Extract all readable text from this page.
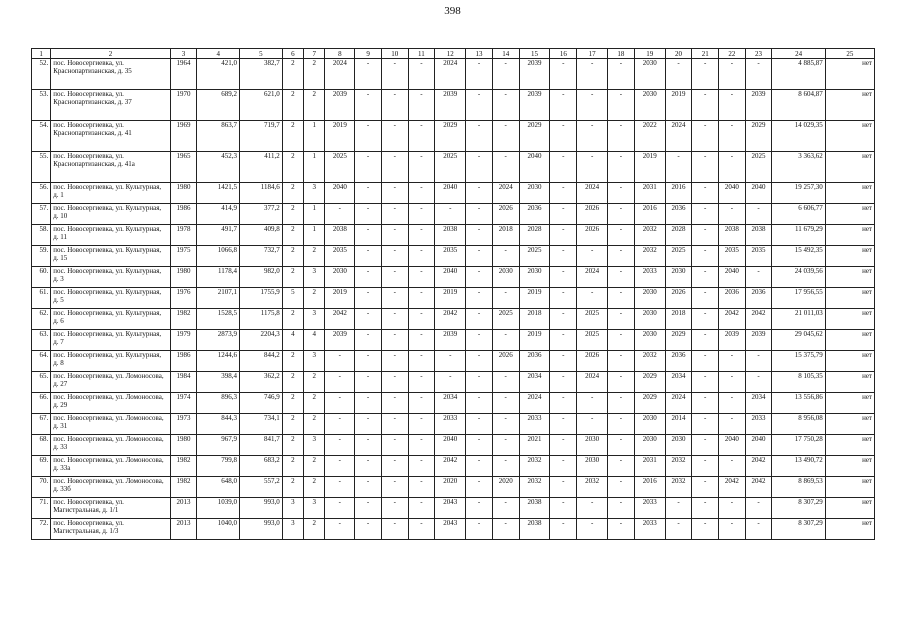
398
1	2	3	4	5	6	7	8	9	10	11	12	13	14	15	16	17	18	19	20	21	22	23	24	25
52.	пос. Новосергиевка, ул. Краснопартизанская, д. 35	1964	421,0	382,7	2	2	2024	-	-	-	2024	-	-	2039	-	-	-	2030	-	-	-	-	4 885,87	нет
53.	пос. Новосергиевка, ул. Краснопартизанская, д. 37	1970	689,2	621,0	2	2	2039	-	-	-	2039	-	-	2039	-	-	-	2030	2019	-	-	2039	8 604,87	нет
54.	пос. Новосергиевка, ул. Краснопартизанская, д. 41	1969	863,7	719,7	2	1	2019	-	-	-	2029	-	-	2029	-	-	-	2022	2024	-	-	2029	14 029,35	нет
55.	пос. Новосергиевка, ул. Краснопартизанская, д. 41а	1965	452,3	411,2	2	1	2025	-	-	-	2025	-	-	2040	-	-	-	2019	-	-	-	2025	3 363,62	нет
56.	пос. Новосергиевка, ул. Культурная, д. 1	1980	1421,5	1184,6	2	3	2040	-	-	-	2040	-	2024	2030	-	2024	-	2031	2016	-	2040	2040	19 257,30	нет
57.	пос. Новосергиевка, ул. Культурная, д. 10	1986	414,9	377,2	2	1	-	-	-	-	-	-	2026	2036	-	2026	-	2016	2036	-	-	-	6 606,77	нет
58.	пос. Новосергиевка, ул. Культурная, д. 11	1978	491,7	409,8	2	1	2038	-	-	-	2038	-	2018	2028	-	2026	-	2032	2028	-	2038	2038	11 679,29	нет
59.	пос. Новосергиевка, ул. Культурная, д. 15	1975	1066,8	732,7	2	2	2035	-	-	-	2035	-	-	2025	-	-	-	2032	2025	-	2035	2035	15 492,35	нет
60.	пос. Новосергиевка, ул. Культурная, д. 3	1980	1178,4	982,0	2	3	2030	-	-	-	2040	-	2030	2030	-	2024	-	2033	2030	-	2040	-	24 039,56	нет
61.	пос. Новосергиевка, ул. Культурная, д. 5	1976	2107,1	1755,9	5	2	2019	-	-	-	2019	-	-	2019	-	-	-	2030	2026	-	2036	2036	17 956,55	нет
62.	пос. Новосергиевка, ул. Культурная, д. 6	1982	1528,5	1175,8	2	3	2042	-	-	-	2042	-	2025	2018	-	2025	-	2030	2018	-	2042	2042	21 011,03	нет
63.	пос. Новосергиевка, ул. Культурная, д. 7	1979	2873,9	2204,3	4	4	2039	-	-	-	2039	-	-	2019	-	2025	-	2030	2029	-	2039	2039	29 045,62	нет
64.	пос. Новосергиевка, ул. Культурная, д. 8	1986	1244,6	844,2	2	3	-	-	-	-	-	-	2026	2036	-	2026	-	2032	2036	-	-	-	15 375,79	нет
65.	пос. Новосергиевка, ул. Ломоносова, д. 27	1984	398,4	362,2	2	2	-	-	-	-	-	-	-	2034	-	2024	-	2029	2034	-	-	-	8 105,35	нет
66.	пос. Новосергиевка, ул. Ломоносова, д. 29	1974	896,3	746,9	2	2	-	-	-	-	2034	-	-	2024	-	-	-	2029	2024	-	-	2034	13 556,86	нет
67.	пос. Новосергиевка, ул. Ломоносова, д. 31	1973	844,3	734,1	2	2	-	-	-	-	2033	-	-	2033	-	-	-	2030	2014	-	-	2033	8 956,08	нет
68.	пос. Новосергиевка, ул. Ломоносова, д. 33	1980	967,9	841,7	2	3	-	-	-	-	2040	-	-	2021	-	2030	-	2030	2030	-	2040	2040	17 750,28	нет
69.	пос. Новосергиевка, ул. Ломоносова, д. 33а	1982	799,8	683,2	2	2	-	-	-	-	2042	-	-	2032	-	2030	-	2031	2032	-	-	2042	13 490,72	нет
70.	пос. Новосергиевка, ул. Ломоносова, д. 33б	1982	648,0	557,2	2	2	-	-	-	-	2020	-	2020	2032	-	2032	-	2016	2032	-	2042	2042	8 869,53	нет
71.	пос. Новосергиевка, ул. Магистральная, д. 1/1	2013	1039,0	993,0	3	3	-	-	-	-	2043	-	-	2038	-	-	-	2033	-	-	-	-	8 307,29	нет
72.	пос. Новосергиевка, ул. Магистральная, д. 1/3	2013	1040,0	993,0	3	2	-	-	-	-	2043	-	-	2038	-	-	-	2033	-	-	-	-	8 307,29	нет
